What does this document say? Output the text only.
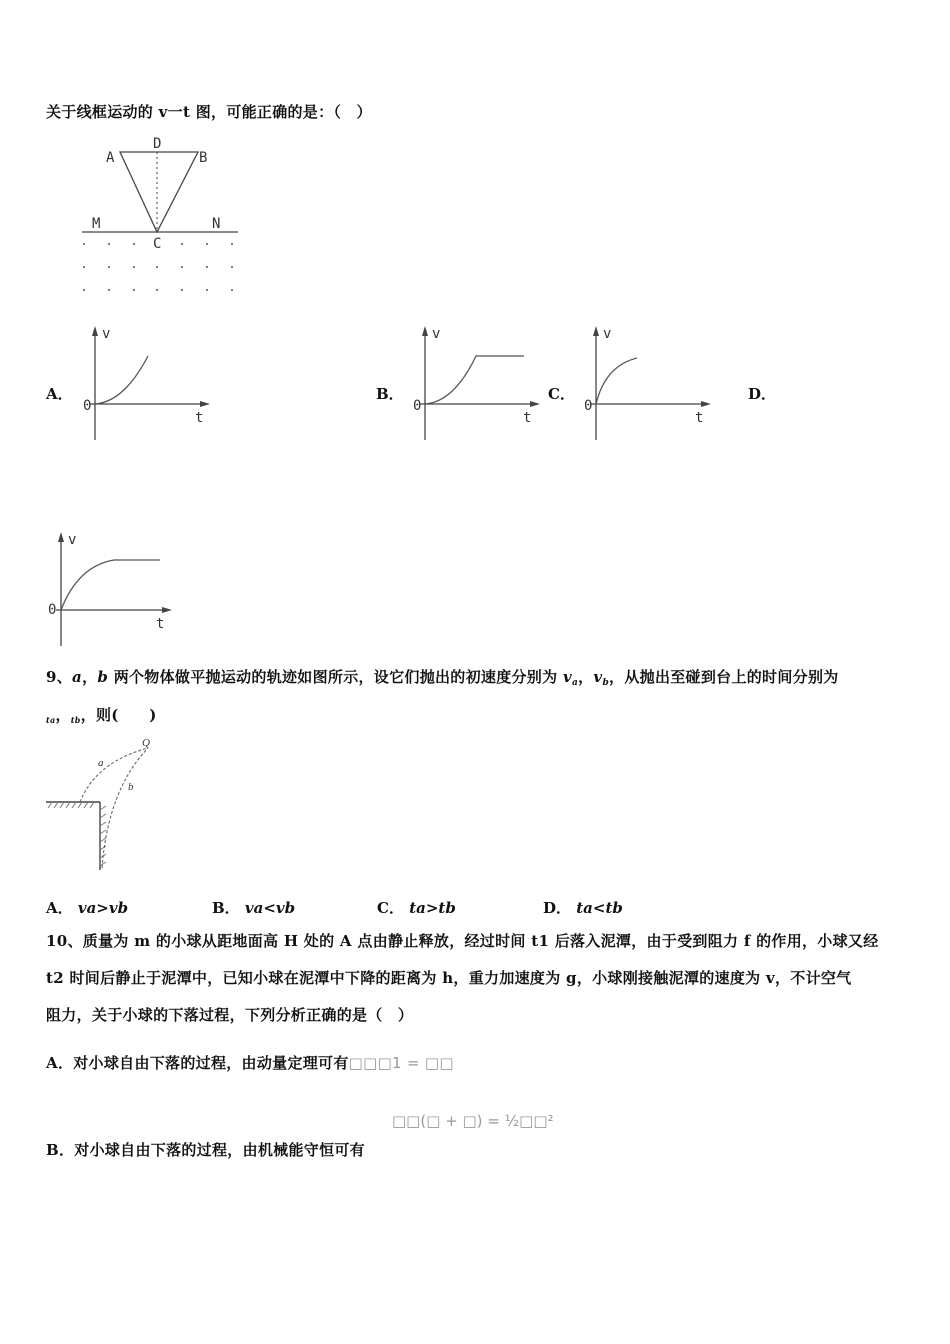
关于线框运动的 v一t 图，可能正确的是：（　）
A	B
D
C
M	N
A．	B．	C．	D．
v
0
t
v
0
t
v
0
t
v
0
t
9、a，b 两个物体做平抛运动的轨迹如图所示，设它们抛出的初速度分别为 $v_a$，$v_b$，从抛出至碰到台上的时间分别为
$_{ta}$，$_{tb}$，则(　　)
Q
a
b
A． va>vb	B． va<vb	C． ta>tb	D． ta<tb
10、质量为 m 的小球从距地面高 H 处的 A 点由静止释放，经过时间 t1 后落入泥潭，由于受到阻力 f 的作用，小球又经
t2 时间后静止于泥潭中，已知小球在泥潭中下降的距离为 h，重力加速度为 g，小球刚接触泥潭的速度为 v，不计空气
阻力，关于小球的下落过程，下列分析正确的是（　）
A．对小球自由下落的过程，由动量定理可有□□□1 = □□
□□(□ + □) = ½□□²
B．对小球自由下落的过程，由机械能守恒可有
